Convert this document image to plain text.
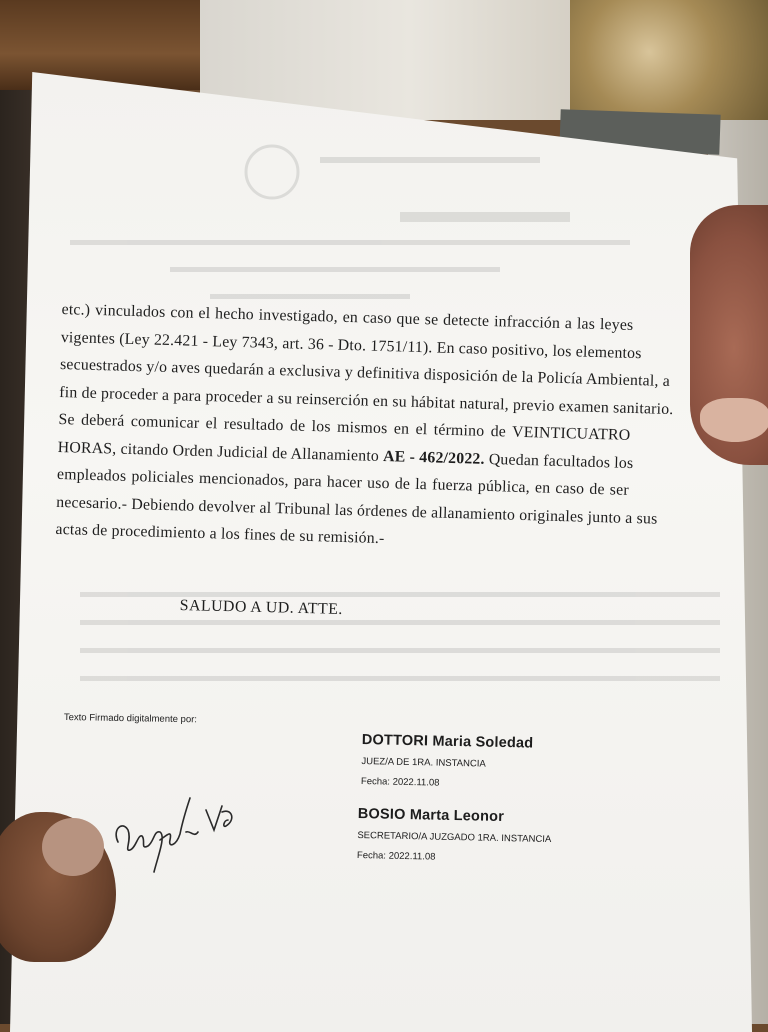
etc.) vinculados con el hecho investigado, en caso que se detecte infracción a las leyes
vigentes (Ley 22.421 - Ley 7343, art. 36 - Dto. 1751/11). En caso positivo, los elementos
secuestrados y/o aves quedarán a exclusiva y definitiva disposición de la Policía Ambiental, a
fin de proceder a para proceder a su reinserción en su hábitat natural, previo examen sanitario.
Se deberá comunicar el resultado de los mismos en el término de VEINTICUATRO
HORAS, citando Orden Judicial de Allanamiento AE - 462/2022. Quedan facultados los
empleados policiales mencionados, para hacer uso de la fuerza pública, en caso de ser
necesario.- Debiendo devolver al Tribunal las órdenes de allanamiento originales junto a sus
actas de procedimiento a los fines de su remisión.-
SALUDO A UD. ATTE.
Texto Firmado digitalmente por:
DOTTORI Maria Soledad
JUEZ/A DE 1RA. INSTANCIA
Fecha: 2022.11.08
BOSIO Marta Leonor
SECRETARIO/A JUZGADO 1RA. INSTANCIA
Fecha: 2022.11.08
